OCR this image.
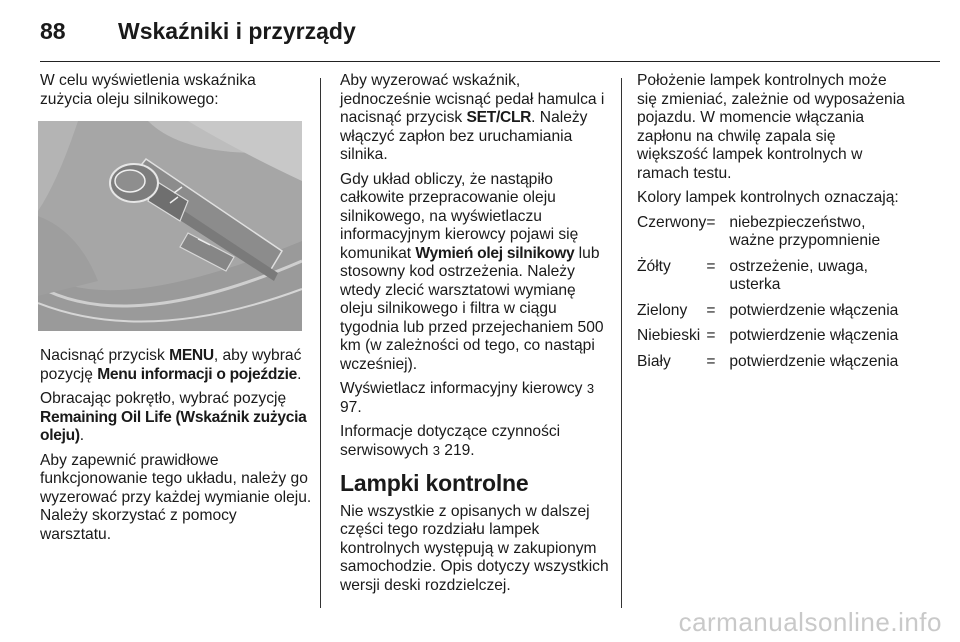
88	Wskaźniki i przyrządy

W celu wyświetlenia wskaźnika zużycia oleju silnikowego:

Nacisnąć przycisk MENU, aby wybrać pozycję Menu informacji o pojeździe.

Obracając pokrętło, wybrać pozycję Remaining Oil Life (Wskaźnik zużycia oleju).

Aby zapewnić prawidłowe funkcjonowanie tego układu, należy go wyzerować przy każdej wymianie oleju. Należy skorzystać z pomocy warsztatu.

Aby wyzerować wskaźnik, jednocześnie wcisnąć pedał hamulca i nacisnąć przycisk SET/CLR. Należy włączyć zapłon bez uruchamiania silnika.

Gdy układ obliczy, że nastąpiło całkowite przepracowanie oleju silnikowego, na wyświetlaczu informacyjnym kierowcy pojawi się komunikat Wymień olej silnikowy lub stosowny kod ostrzeżenia. Należy wtedy zlecić warsztatowi wymianę oleju silnikowego i filtra w ciągu tygodnia lub przed przejechaniem 500 km (w zależności od tego, co nastąpi wcześniej).

Wyświetlacz informacyjny kierowcy 3 97.

Informacje dotyczące czynności serwisowych 3 219.

Lampki kontrolne

Nie wszystkie z opisanych w dalszej części tego rozdziału lampek kontrolnych występują w zakupionym samochodzie. Opis dotyczy wszystkich wersji deski rozdzielczej.

Położenie lampek kontrolnych może się zmieniać, zależnie od wyposażenia pojazdu. W momencie włączania zapłonu na chwilę zapala się większość lampek kontrolnych w ramach testu.

Kolory lampek kontrolnych oznaczają:

Czerwony	=	niebezpieczeństwo, ważne przypomnienie
Żółty	=	ostrzeżenie, uwaga, usterka
Zielony	=	potwierdzenie włączenia
Niebieski	=	potwierdzenie włączenia
Biały	=	potwierdzenie włączenia
carmanualsonline.info
